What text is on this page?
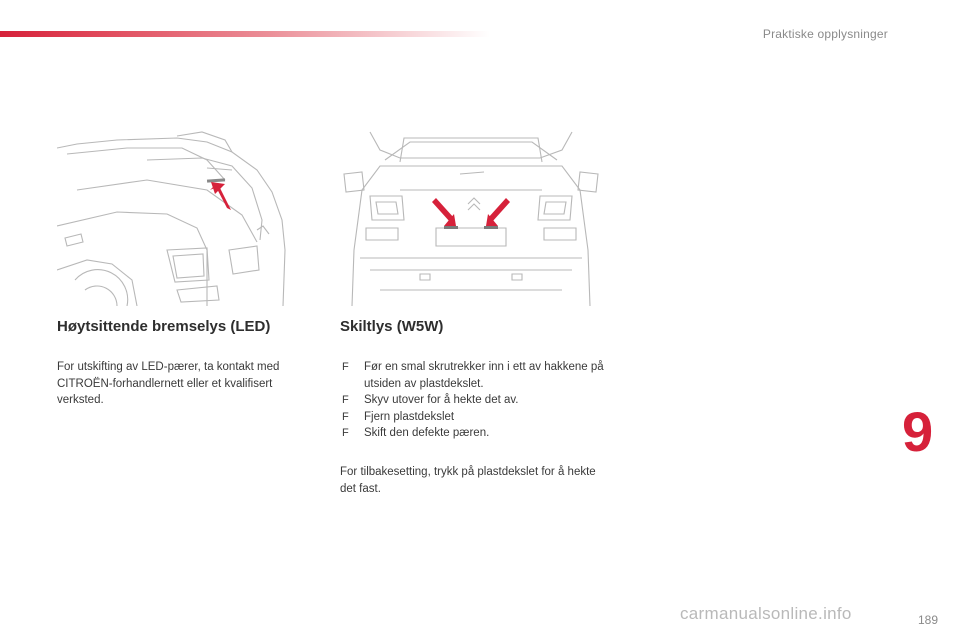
Praktiske opplysninger
Høytsittende bremselys (LED)
For utskifting av LED-pærer, ta kontakt med CITROËN-forhandlernett eller et kvalifisert verksted.
Skiltlys (W5W)
F Før en smal skrutrekker inn i ett av hakkene på utsiden av plastdekslet.
F Skyv utover for å hekte det av.
F Fjern plastdekslet
F Skift den defekte pæren.
For tilbakesetting, trykk på plastdekslet for å hekte det fast.
9
carmanualsonline.info	189
